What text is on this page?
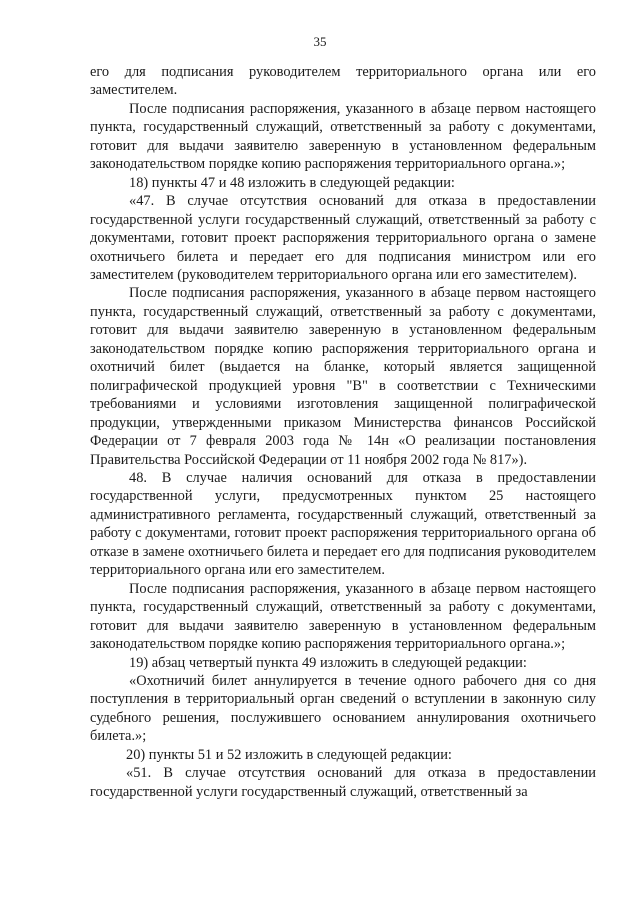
35

его для подписания руководителем территориального органа или его заместителем.

После подписания распоряжения, указанного в абзаце первом настоящего пункта, государственный служащий, ответственный за работу с документами, готовит для выдачи заявителю заверенную в установленном федеральным законодательством порядке копию распоряжения территориального органа.»;

18) пункты 47 и 48 изложить в следующей редакции:

«47. В случае отсутствия оснований для отказа в предоставлении государственной услуги государственный служащий, ответственный за работу с документами, готовит проект распоряжения территориального органа о замене охотничьего билета и передает его для подписания министром или его заместителем (руководителем территориального органа или его заместителем).

После подписания распоряжения, указанного в абзаце первом настоящего пункта, государственный служащий, ответственный за работу с документами, готовит для выдачи заявителю заверенную в установленном федеральным законодательством порядке копию распоряжения территориального органа и охотничий билет (выдается на бланке, который является защищенной полиграфической продукцией уровня "В" в соответствии с Техническими требованиями и условиями изготовления защищенной полиграфической продукции, утвержденными приказом Министерства финансов Российской Федерации от 7 февраля 2003 года № 14н «О реализации постановления Правительства Российской Федерации от 11 ноября 2002 года № 817»).

48. В случае наличия оснований для отказа в предоставлении государственной услуги, предусмотренных пунктом 25 настоящего административного регламента, государственный служащий, ответственный за работу с документами, готовит проект распоряжения территориального органа об отказе в замене охотничьего билета и передает его для подписания руководителем территориального органа или его заместителем.

После подписания распоряжения, указанного в абзаце первом настоящего пункта, государственный служащий, ответственный за работу с документами, готовит для выдачи заявителю заверенную в установленном федеральным законодательством порядке копию распоряжения территориального органа.»;

19) абзац четвертый пункта 49 изложить в следующей редакции:

«Охотничий билет аннулируется в течение одного рабочего дня со дня поступления в территориальный орган сведений о вступлении в законную силу судебного решения, послужившего основанием аннулирования охотничьего билета.»;

20) пункты 51 и 52 изложить в следующей редакции:

«51. В случае отсутствия оснований для отказа в предоставлении государственной услуги государственный служащий, ответственный за
